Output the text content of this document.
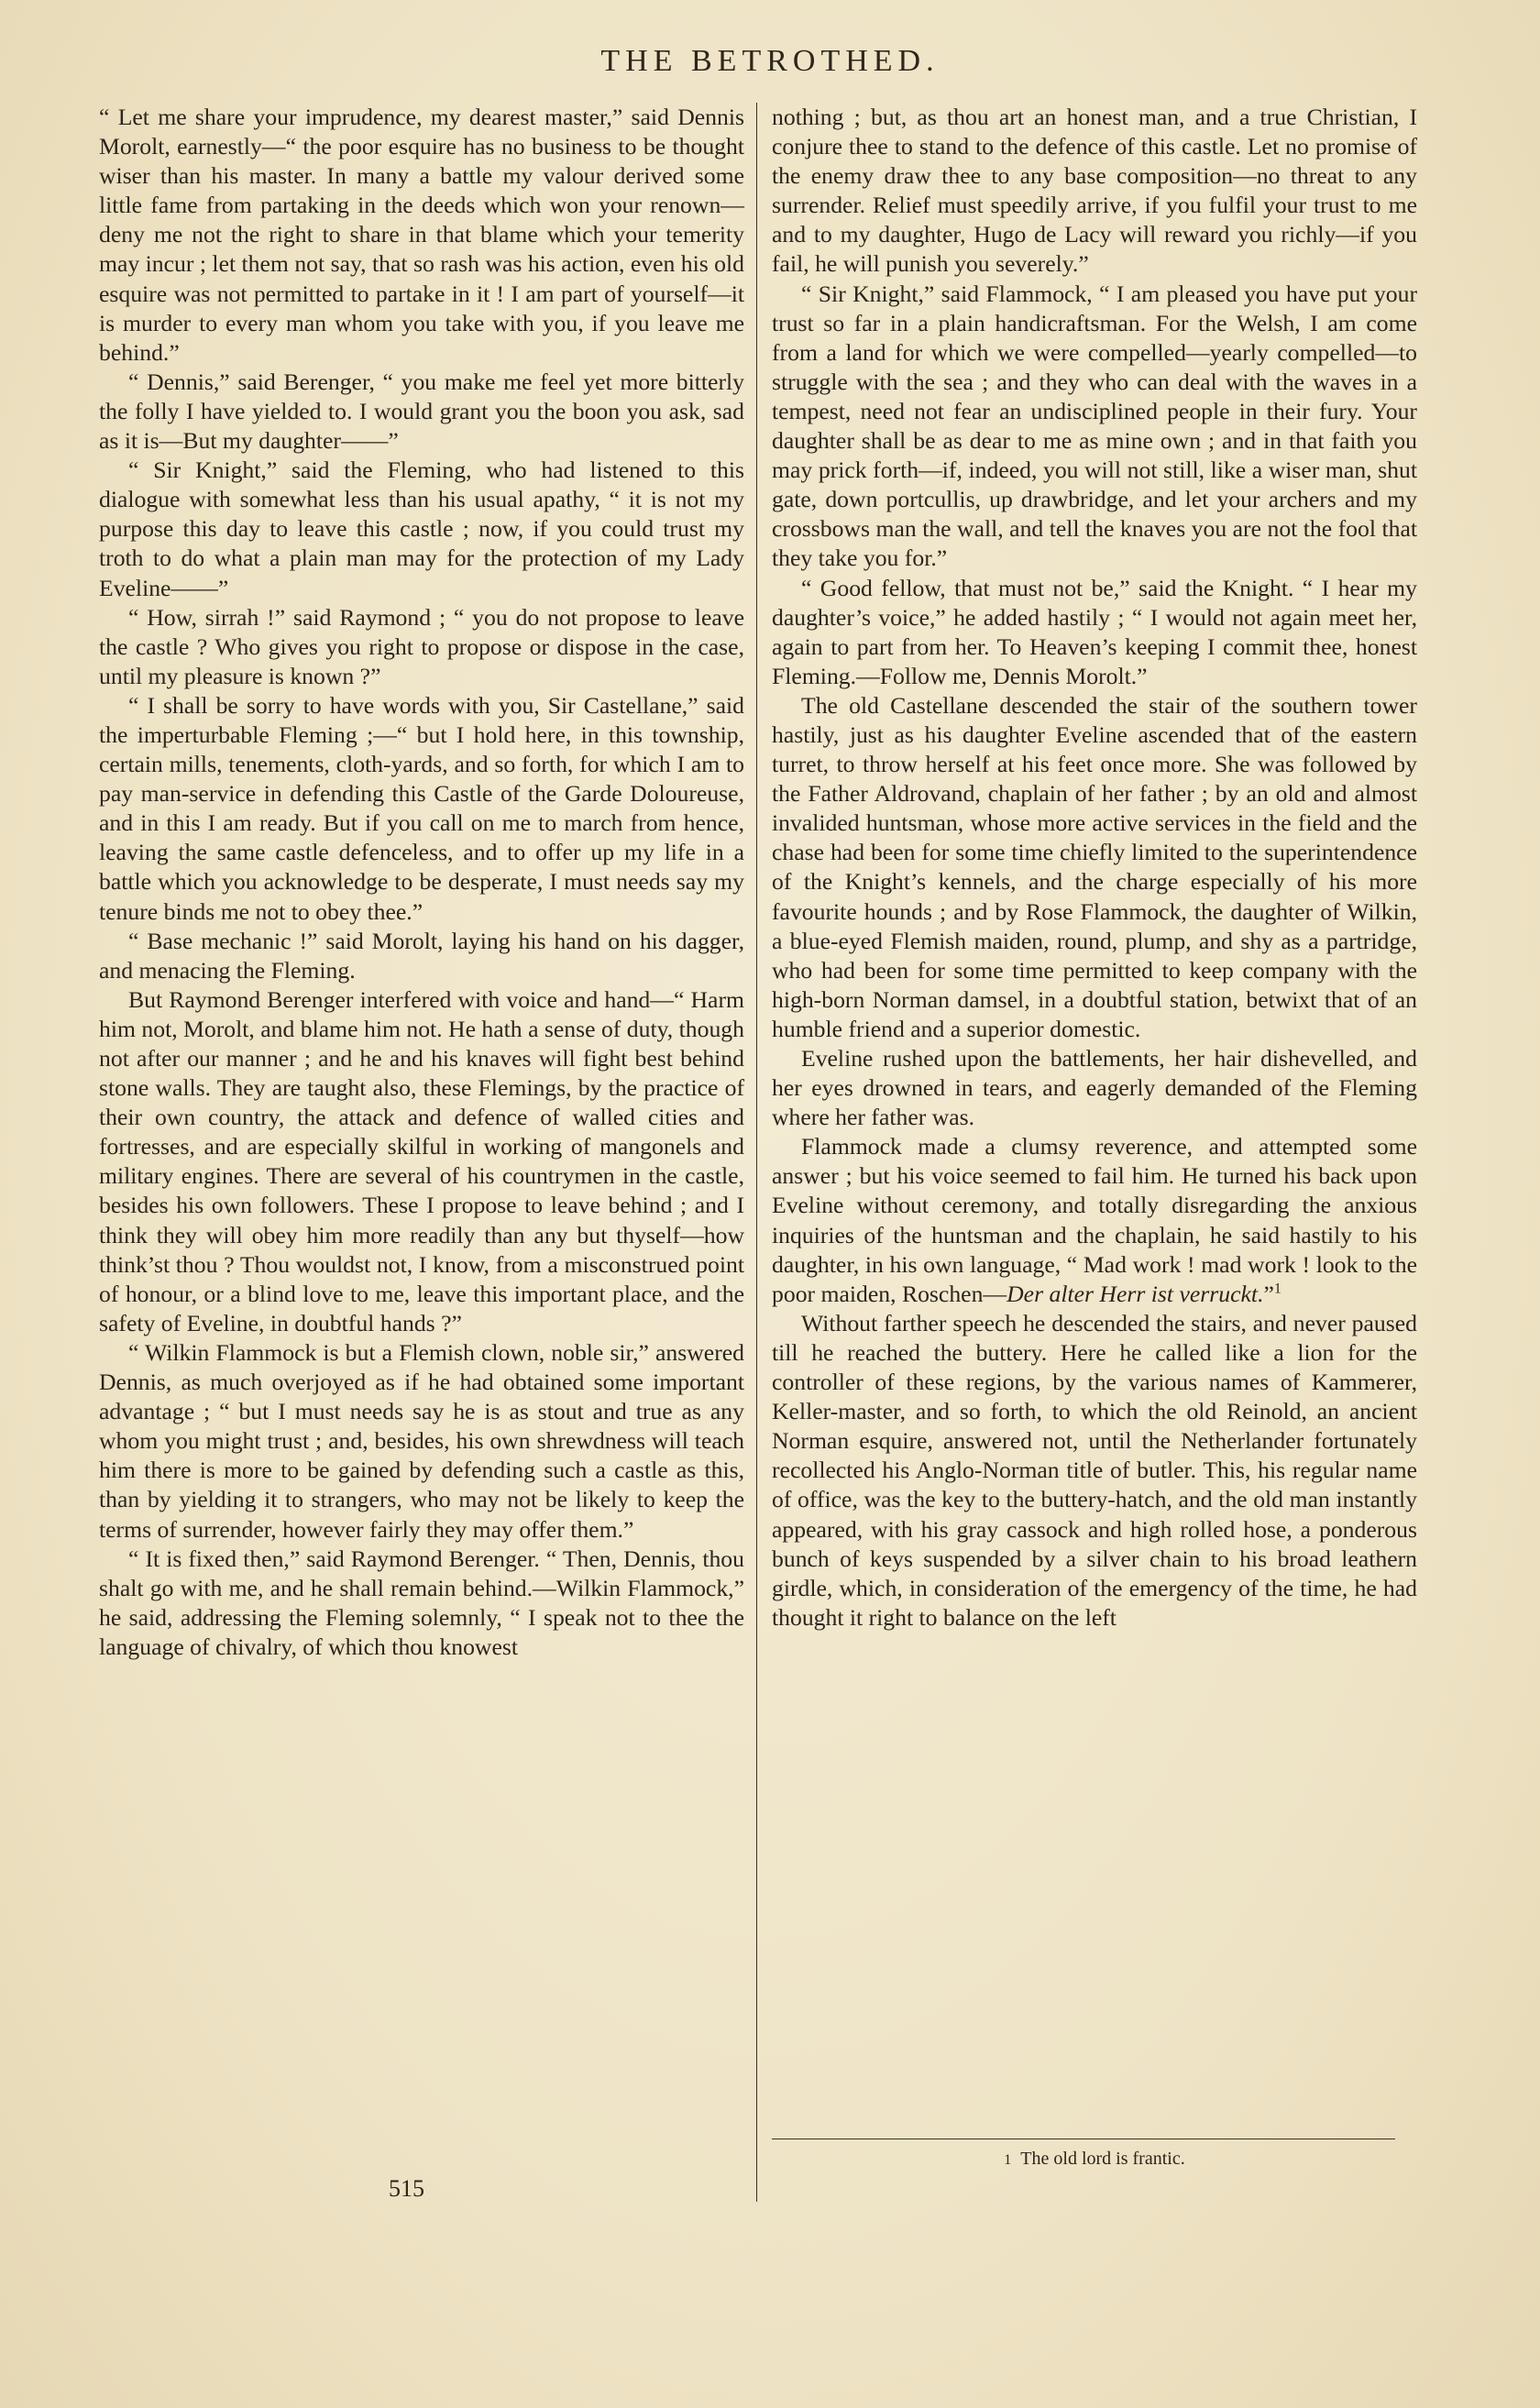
THE BETROTHED.

“ Let me share your imprudence, my dearest master,” said Dennis Morolt, earnestly—“ the poor esquire has no business to be thought wiser than his master. In many a battle my valour derived some little fame from partaking in the deeds which won your renown—deny me not the right to share in that blame which your temerity may incur ; let them not say, that so rash was his action, even his old esquire was not permitted to partake in it ! I am part of yourself—it is murder to every man whom you take with you, if you leave me behind.”

“ Dennis,” said Berenger, “ you make me feel yet more bitterly the folly I have yielded to. I would grant you the boon you ask, sad as it is—But my daughter——”

“ Sir Knight,” said the Fleming, who had listened to this dialogue with somewhat less than his usual apathy, “ it is not my purpose this day to leave this castle ; now, if you could trust my troth to do what a plain man may for the protection of my Lady Eveline——”

“ How, sirrah !” said Raymond ; “ you do not propose to leave the castle ? Who gives you right to propose or dispose in the case, until my pleasure is known ?”

“ I shall be sorry to have words with you, Sir Castellane,” said the imperturbable Fleming ;—“ but I hold here, in this township, certain mills, tenements, cloth-yards, and so forth, for which I am to pay man-service in defending this Castle of the Garde Doloureuse, and in this I am ready. But if you call on me to march from hence, leaving the same castle defenceless, and to offer up my life in a battle which you acknowledge to be desperate, I must needs say my tenure binds me not to obey thee.”

“ Base mechanic !” said Morolt, laying his hand on his dagger, and menacing the Fleming.

But Raymond Berenger interfered with voice and hand—“ Harm him not, Morolt, and blame him not. He hath a sense of duty, though not after our manner ; and he and his knaves will fight best behind stone walls. They are taught also, these Flemings, by the practice of their own country, the attack and defence of walled cities and fortresses, and are especially skilful in working of mangonels and military engines. There are several of his countrymen in the castle, besides his own followers. These I propose to leave behind ; and I think they will obey him more readily than any but thyself—how think’st thou ? Thou wouldst not, I know, from a misconstrued point of honour, or a blind love to me, leave this important place, and the safety of Eveline, in doubtful hands ?”

“ Wilkin Flammock is but a Flemish clown, noble sir,” answered Dennis, as much overjoyed as if he had obtained some important advantage ; “ but I must needs say he is as stout and true as any whom you might trust ; and, besides, his own shrewdness will teach him there is more to be gained by defending such a castle as this, than by yielding it to strangers, who may not be likely to keep the terms of surrender, however fairly they may offer them.”

“ It is fixed then,” said Raymond Berenger. “ Then, Dennis, thou shalt go with me, and he shall remain behind.—Wilkin Flammock,” he said, addressing the Fleming solemnly, “ I speak not to thee the language of chivalry, of which thou knowest

nothing ; but, as thou art an honest man, and a true Christian, I conjure thee to stand to the defence of this castle. Let no promise of the enemy draw thee to any base composition—no threat to any surrender. Relief must speedily arrive, if you fulfil your trust to me and to my daughter, Hugo de Lacy will reward you richly—if you fail, he will punish you severely.”

“ Sir Knight,” said Flammock, “ I am pleased you have put your trust so far in a plain handicraftsman. For the Welsh, I am come from a land for which we were compelled—yearly compelled—to struggle with the sea ; and they who can deal with the waves in a tempest, need not fear an undisciplined people in their fury. Your daughter shall be as dear to me as mine own ; and in that faith you may prick forth—if, indeed, you will not still, like a wiser man, shut gate, down portcullis, up drawbridge, and let your archers and my crossbows man the wall, and tell the knaves you are not the fool that they take you for.”

“ Good fellow, that must not be,” said the Knight. “ I hear my daughter’s voice,” he added hastily ; “ I would not again meet her, again to part from her. To Heaven’s keeping I commit thee, honest Fleming.—Follow me, Dennis Morolt.”

The old Castellane descended the stair of the southern tower hastily, just as his daughter Eveline ascended that of the eastern turret, to throw herself at his feet once more. She was followed by the Father Aldrovand, chaplain of her father ; by an old and almost invalided huntsman, whose more active services in the field and the chase had been for some time chiefly limited to the superintendence of the Knight’s kennels, and the charge especially of his more favourite hounds ; and by Rose Flammock, the daughter of Wilkin, a blue-eyed Flemish maiden, round, plump, and shy as a partridge, who had been for some time permitted to keep company with the high-born Norman damsel, in a doubtful station, betwixt that of an humble friend and a superior domestic.

Eveline rushed upon the battlements, her hair dishevelled, and her eyes drowned in tears, and eagerly demanded of the Fleming where her father was.

Flammock made a clumsy reverence, and attempted some answer ; but his voice seemed to fail him. He turned his back upon Eveline without ceremony, and totally disregarding the anxious inquiries of the huntsman and the chaplain, he said hastily to his daughter, in his own language, “ Mad work ! mad work ! look to the poor maiden, Roschen—Der alter Herr ist verruckt.”$^1$

Without farther speech he descended the stairs, and never paused till he reached the buttery. Here he called like a lion for the controller of these regions, by the various names of Kammerer, Keller-master, and so forth, to which the old Reinold, an ancient Norman esquire, answered not, until the Netherlander fortunately recollected his Anglo-Norman title of butler. This, his regular name of office, was the key to the buttery-hatch, and the old man instantly appeared, with his gray cassock and high rolled hose, a ponderous bunch of keys suspended by a silver chain to his broad leathern girdle, which, in consideration of the emergency of the time, he had thought it right to balance on the left

1 The old lord is frantic.
515
